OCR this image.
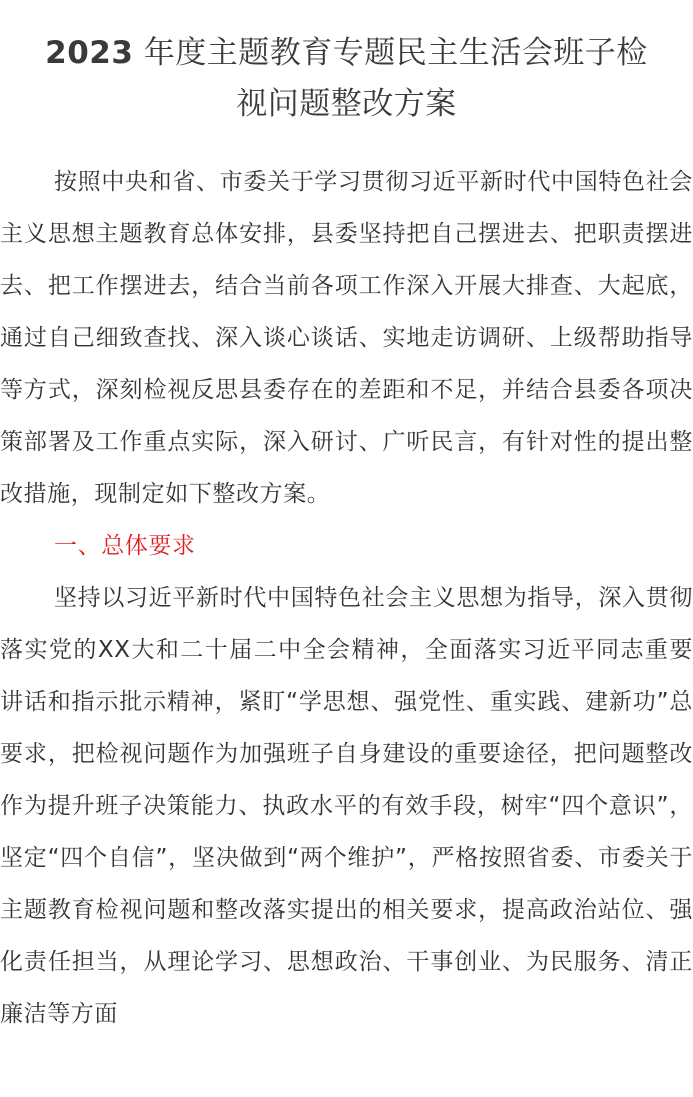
2023 年度主题教育专题民主生活会班子检
视问题整改方案

按照中央和省、市委关于学习贯彻习近平新时代中国特色社会主义思想主题教育总体安排，县委坚持把自己摆进去、把职责摆进去、把工作摆进去，结合当前各项工作深入开展大排查、大起底，通过自己细致查找、深入谈心谈话、实地走访调研、上级帮助指导等方式，深刻检视反思县委存在的差距和不足，并结合县委各项决策部署及工作重点实际，深入研讨、广听民言，有针对性的提出整改措施，现制定如下整改方案。

一、总体要求

坚持以习近平新时代中国特色社会主义思想为指导，深入贯彻落实党的XX大和二十届二中全会精神，全面落实习近平同志重要讲话和指示批示精神，紧盯“学思想、强党性、重实践、建新功”总要求，把检视问题作为加强班子自身建设的重要途径，把问题整改作为提升班子决策能力、执政水平的有效手段，树牢“四个意识”，坚定“四个自信”，坚决做到“两个维护”，严格按照省委、市委关于主题教育检视问题和整改落实提出的相关要求，提高政治站位、强化责任担当，从理论学习、思想政治、干事创业、为民服务、清正廉洁等方面
